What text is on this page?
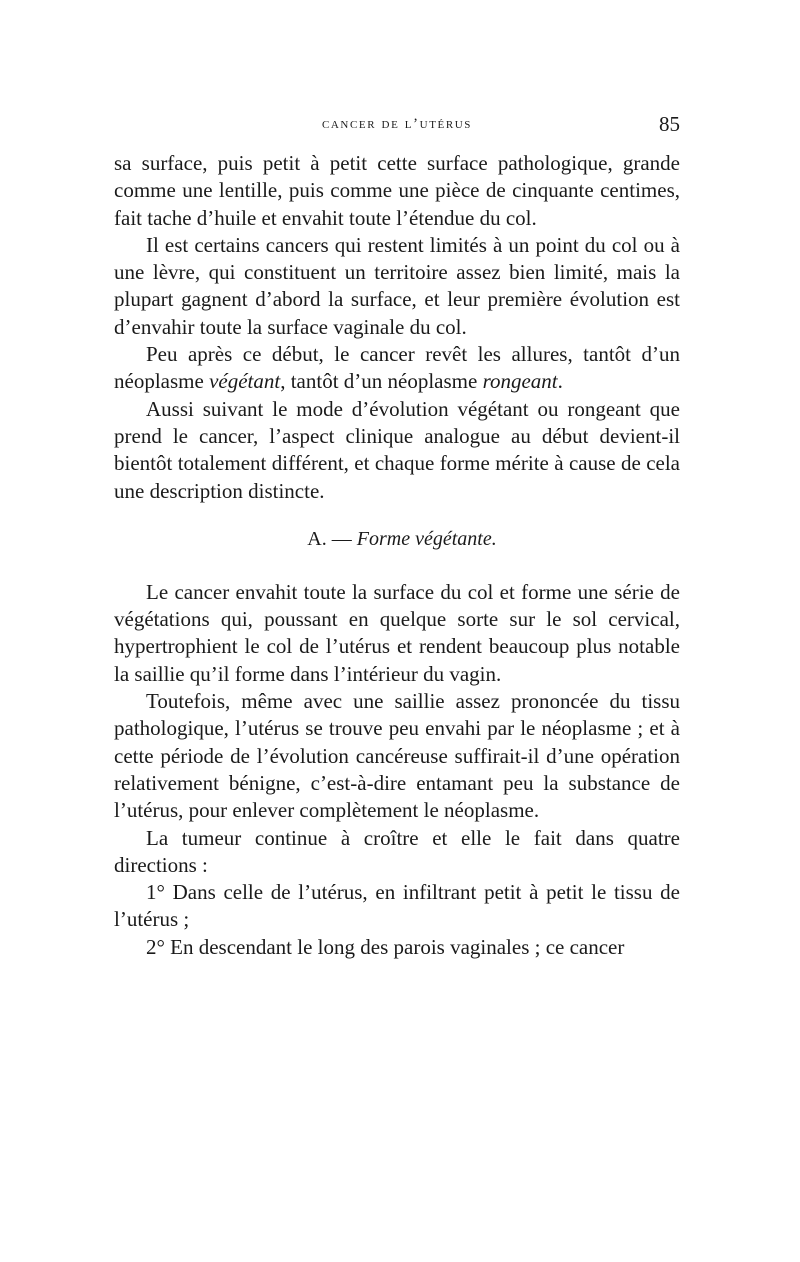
cancer de l’utérus	85

sa surface, puis petit à petit cette surface pathologique, grande comme une lentille, puis comme une pièce de cinquante centimes, fait tache d’huile et envahit toute l’étendue du col.

Il est certains cancers qui restent limités à un point du col ou à une lèvre, qui constituent un territoire assez bien limité, mais la plupart gagnent d’abord la surface, et leur première évolution est d’envahir toute la surface vaginale du col.

Peu après ce début, le cancer revêt les allures, tantôt d’un néoplasme végétant, tantôt d’un néoplasme rongeant.

Aussi suivant le mode d’évolution végétant ou rongeant que prend le cancer, l’aspect clinique analogue au début devient-il bientôt totalement différent, et chaque forme mérite à cause de cela une description distincte.

A. — Forme végétante.

Le cancer envahit toute la surface du col et forme une série de végétations qui, poussant en quelque sorte sur le sol cervical, hypertrophient le col de l’utérus et rendent beaucoup plus notable la saillie qu’il forme dans l’intérieur du vagin.

Toutefois, même avec une saillie assez prononcée du tissu pathologique, l’utérus se trouve peu envahi par le néoplasme ; et à cette période de l’évolution cancéreuse suffirait-il d’une opération relativement bénigne, c’est-à-dire entamant peu la substance de l’utérus, pour enlever complètement le néoplasme.

La tumeur continue à croître et elle le fait dans quatre directions :

1° Dans celle de l’utérus, en infiltrant petit à petit le tissu de l’utérus ;

2° En descendant le long des parois vaginales ; ce cancer
